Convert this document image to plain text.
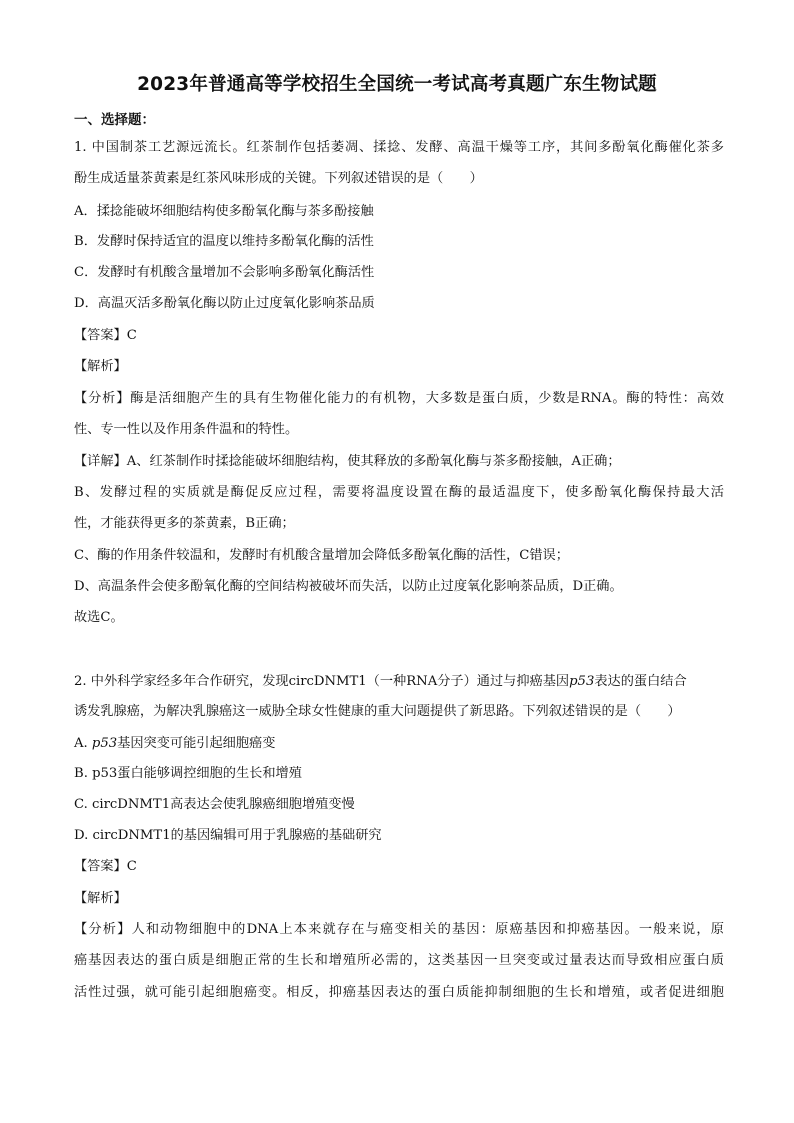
2023年普通高等学校招生全国统一考试高考真题广东生物试题
一、选择题：
1. 中国制茶工艺源远流长。红茶制作包括萎凋、揉捻、发酵、高温干燥等工序，其间多酚氧化酶催化茶多
酚生成适量茶黄素是红茶风味形成的关键。下列叙述错误的是（　　）
A．揉捻能破坏细胞结构使多酚氧化酶与茶多酚接触
B．发酵时保持适宜的温度以维持多酚氧化酶的活性
C．发酵时有机酸含量增加不会影响多酚氧化酶活性
D．高温灭活多酚氧化酶以防止过度氧化影响茶品质
【答案】C
【解析】
【分析】酶是活细胞产生的具有生物催化能力的有机物，大多数是蛋白质，少数是RNA。酶的特性：高效
性、专一性以及作用条件温和的特性。
【详解】A、红茶制作时揉捻能破坏细胞结构，使其释放的多酚氧化酶与茶多酚接触，A正确；
B、发酵过程的实质就是酶促反应过程，需要将温度设置在酶的最适温度下，使多酚氧化酶保持最大活
性，才能获得更多的茶黄素，B正确；
C、酶的作用条件较温和，发酵时有机酸含量增加会降低多酚氧化酶的活性，C错误；
D、高温条件会使多酚氧化酶的空间结构被破坏而失活，以防止过度氧化影响茶品质，D正确。
故选C。
2. 中外科学家经多年合作研究，发现circDNMT1（一种RNA分子）通过与抑癌基因p53表达的蛋白结合
诱发乳腺癌，为解决乳腺癌这一威胁全球女性健康的重大问题提供了新思路。下列叙述错误的是（　　）
A. p53基因突变可能引起细胞癌变
B. p53蛋白能够调控细胞的生长和增殖
C. circDNMT1高表达会使乳腺癌细胞增殖变慢
D. circDNMT1的基因编辑可用于乳腺癌的基础研究
【答案】C
【解析】
【分析】人和动物细胞中的DNA上本来就存在与癌变相关的基因：原癌基因和抑癌基因。一般来说，原
癌基因表达的蛋白质是细胞正常的生长和增殖所必需的，这类基因一旦突变或过量表达而导致相应蛋白质
活性过强，就可能引起细胞癌变。相反，抑癌基因表达的蛋白质能抑制细胞的生长和增殖，或者促进细胞
